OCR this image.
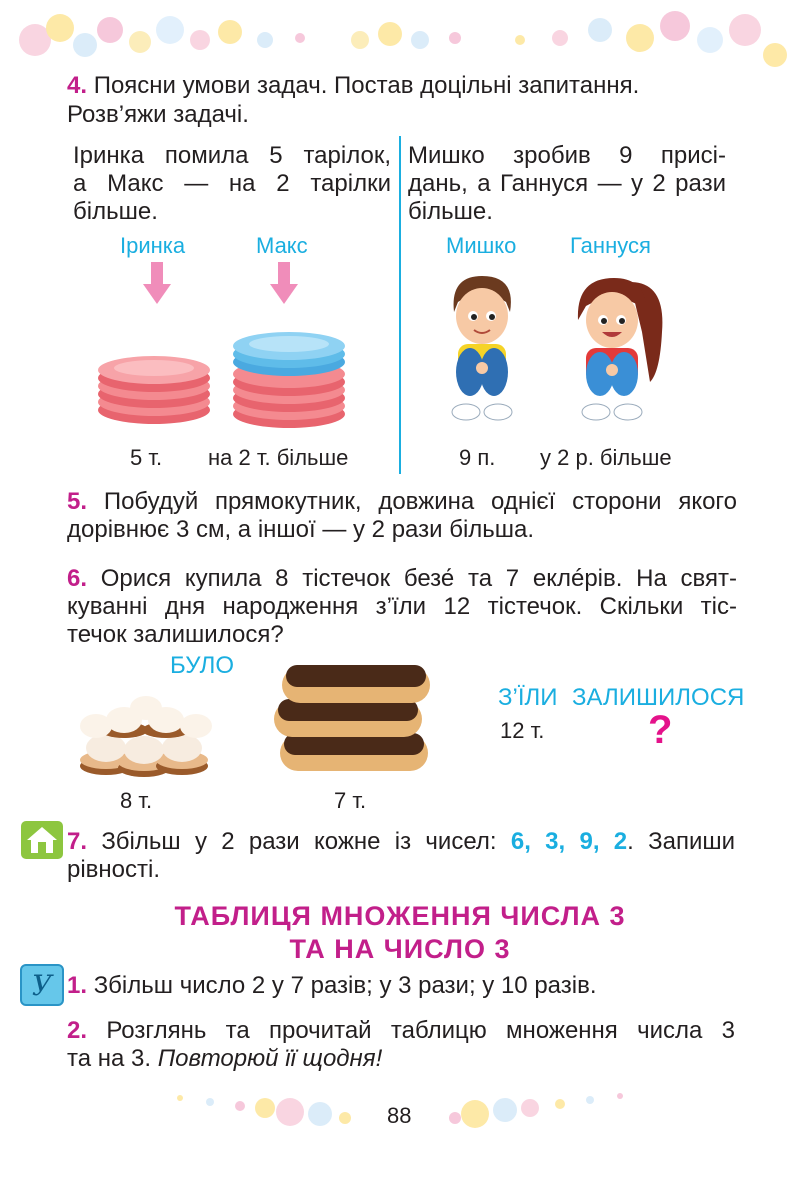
4. Поясни умови задач. Постав доцільні запитання.
Розв’яжи задачі.
Іринка помила 5 тарілок,
а Макс — на 2 тарілки
більше.
Мишко зробив 9 присі-
дань, а Ганнуся — у 2 рази
більше.
Іринка	Макс
5 т. на 2 т. більше
Мишко Ганнуся
9 п. у 2 р. більше
5. Побудуй прямокутник, довжина однієї сторони якого
дорівнює 3 см, а іншої — у 2 рази більша.
6. Орися купила 8 тістечок безе́ та 7 еклéрів. На свят-
куванні дня народження з’їли 12 тістечок. Скільки тіс-
течок залишилося?
БУЛО
З’ЇЛИ ЗАЛИШИЛОСЯ
12 т.	?
8 т.	7 т.
7. Збільш у 2 рази кожне із чисел: 6, 3, 9, 2. Запиши
рівності.
ТАБЛИЦЯ МНОЖЕННЯ ЧИСЛА 3
ТА НА ЧИСЛО 3
У 1. Збільш число 2 у 7 разів; у 3 рази; у 10 разів.
2. Розглянь та прочитай таблицю множення числа 3
та на 3. Повторюй її щодня!
88
